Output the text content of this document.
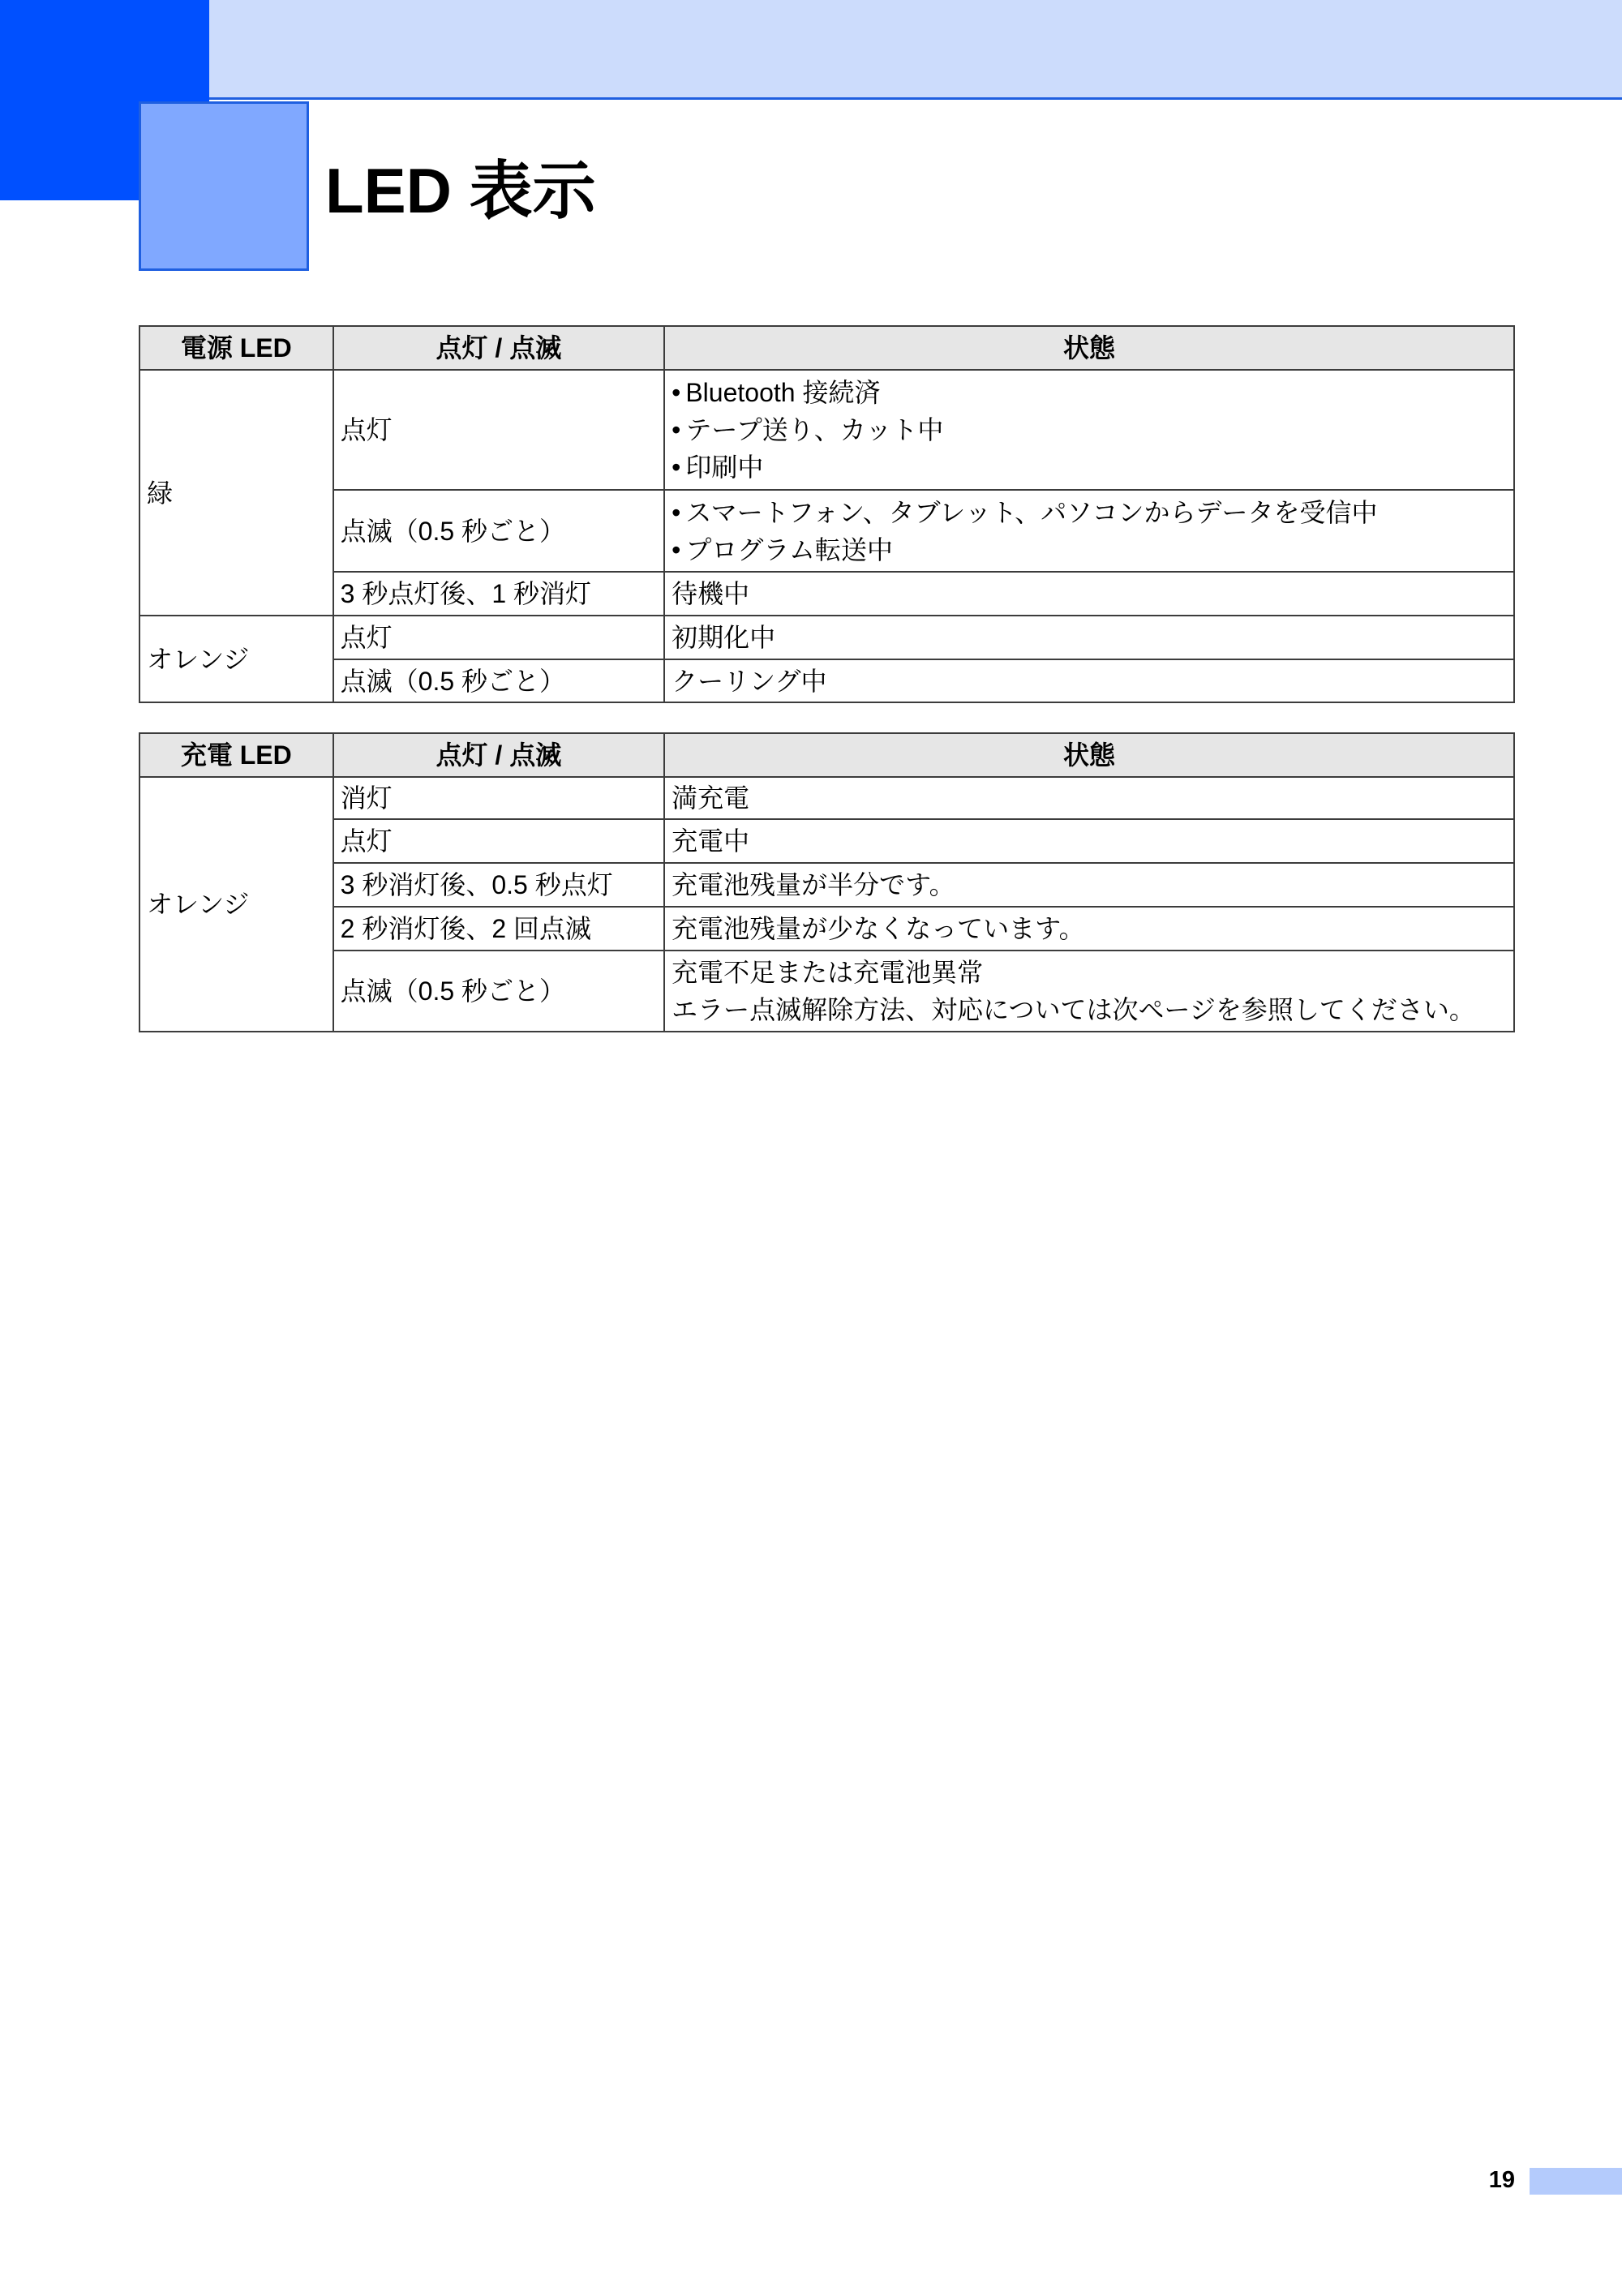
LED 表示
電源 LED	点灯 / 点滅	状態
緑	点灯	• Bluetooth 接続済
• テープ送り、カット中
• 印刷中

	点滅（0.5 秒ごと）	• スマートフォン、タブレット、パソコンからデータを受信中
• プログラム転送中

	3 秒点灯後、1 秒消灯	待機中
オレンジ	点灯	初期化中
	点滅（0.5 秒ごと）	クーリング中
充電 LED	点灯 / 点滅	状態
オレンジ	消灯	満充電
	点灯	充電中
	3 秒消灯後、0.5 秒点灯	充電池残量が半分です。
	2 秒消灯後、2 回点滅	充電池残量が少なくなっています。
	点滅（0.5 秒ごと）	充電不足または充電池異常
エラー点滅解除方法、対応については次ページを参照してください。
19
